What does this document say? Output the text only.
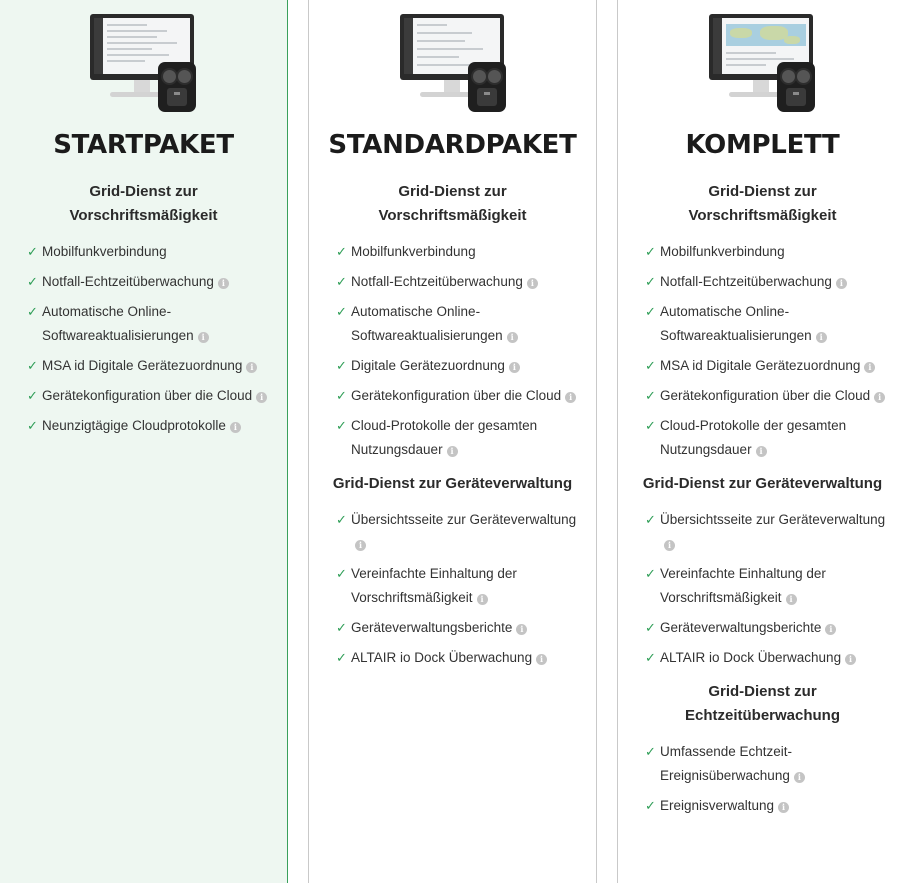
STARTPAKET
Grid-Dienst zur Vorschriftsmäßigkeit
✓ Mobilfunkverbindung
✓ Notfall-Echtzeitüberwachung i
✓ Automatische Online-Softwareaktualisierungen i
✓ MSA id Digitale Gerätezuordnung i
✓ Gerätekonfiguration über die Cloud i
✓ Neunzigtägige Cloudprotokolle i
STANDARDPAKET
Grid-Dienst zur Vorschriftsmäßigkeit
✓ Mobilfunkverbindung
✓ Notfall-Echtzeitüberwachung i
✓ Automatische Online-Softwareaktualisierungen i
✓ Digitale Gerätezuordnung i
✓ Gerätekonfiguration über die Cloud i
✓ Cloud-Protokolle der gesamten Nutzungsdauer i
Grid-Dienst zur Geräteverwaltung
✓ Übersichtsseite zur Geräteverwaltungi
✓ Vereinfachte Einhaltung der Vorschriftsmäßigkeit i
✓ Geräteverwaltungsberichte i
✓ ALTAIR io Dock Überwachung i
KOMPLETT
Grid-Dienst zur Vorschriftsmäßigkeit
✓ Mobilfunkverbindung
✓ Notfall-Echtzeitüberwachung i
✓ Automatische Online-Softwareaktualisierungen i
✓ MSA id Digitale Gerätezuordnung i
✓ Gerätekonfiguration über die Cloud i
✓ Cloud-Protokolle der gesamten Nutzungsdauer i
Grid-Dienst zur Geräteverwaltung
✓ Übersichtsseite zur Geräteverwaltungi
✓ Vereinfachte Einhaltung der Vorschriftsmäßigkeit i
✓ Geräteverwaltungsberichte i
✓ ALTAIR io Dock Überwachung i
Grid-Dienst zur Echtzeitüberwachung
✓ Umfassende Echtzeit-Ereignisüberwachung i
✓ Ereignisverwaltung i
